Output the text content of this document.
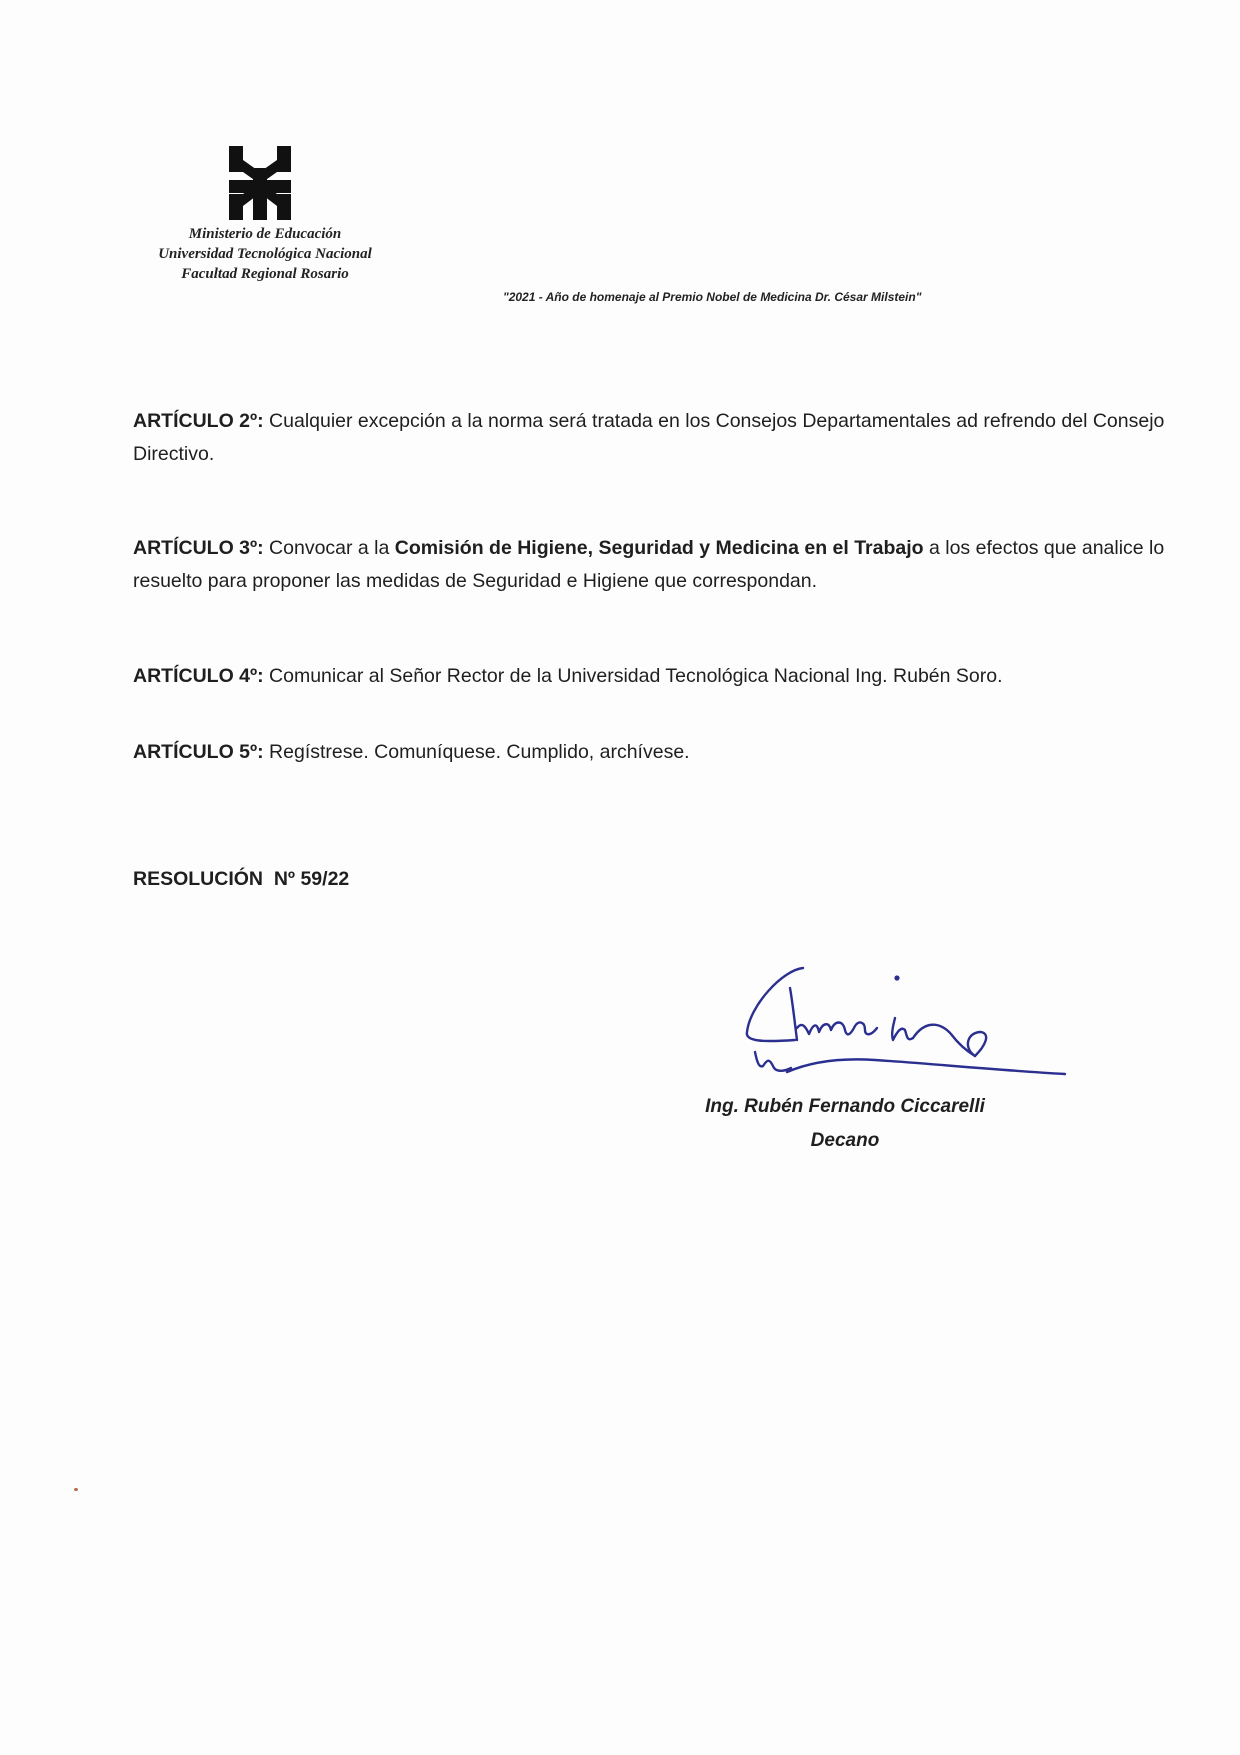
Ministerio de Educación
Universidad Tecnológica Nacional
Facultad Regional Rosario
"2021 - Año de homenaje al Premio Nobel de Medicina Dr. César Milstein"
ARTÍCULO 2º: Cualquier excepción a la norma será tratada en los Consejos Departamentales ad refrendo del Consejo Directivo.
ARTÍCULO 3º: Convocar a la Comisión de Higiene, Seguridad y Medicina en el Trabajo a los efectos que analice lo resuelto para proponer las medidas de Seguridad e Higiene que correspondan.
ARTÍCULO 4º: Comunicar al Señor Rector de la Universidad Tecnológica Nacional Ing. Rubén Soro.
ARTÍCULO 5º: Regístrese. Comuníquese. Cumplido, archívese.
RESOLUCIÓN  Nº 59/22
Ing. Rubén Fernando Ciccarelli
Decano
